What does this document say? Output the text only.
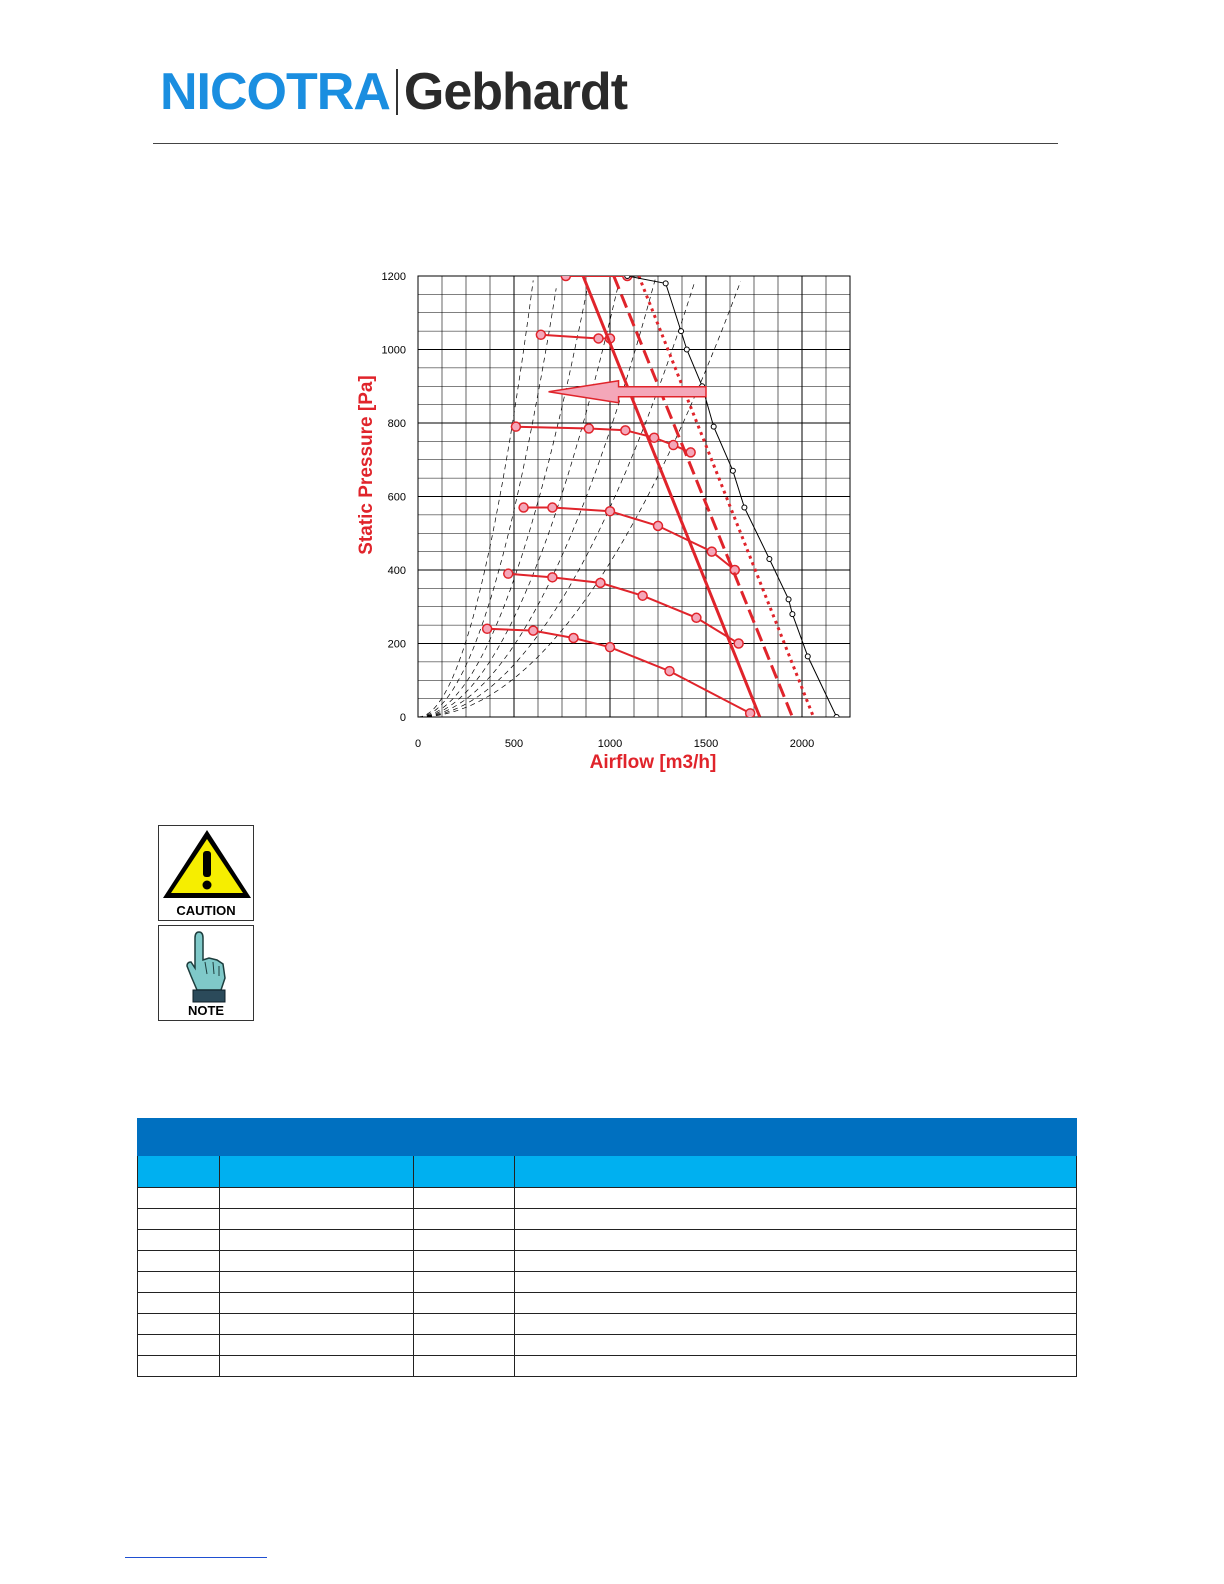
NICOTRA Gebhardt
0	500	1000	1500	2000
0
200
400
600
800
1000
1200
Airflow [m3/h]
Static Pressure [Pa]
CAUTION
NOTE
